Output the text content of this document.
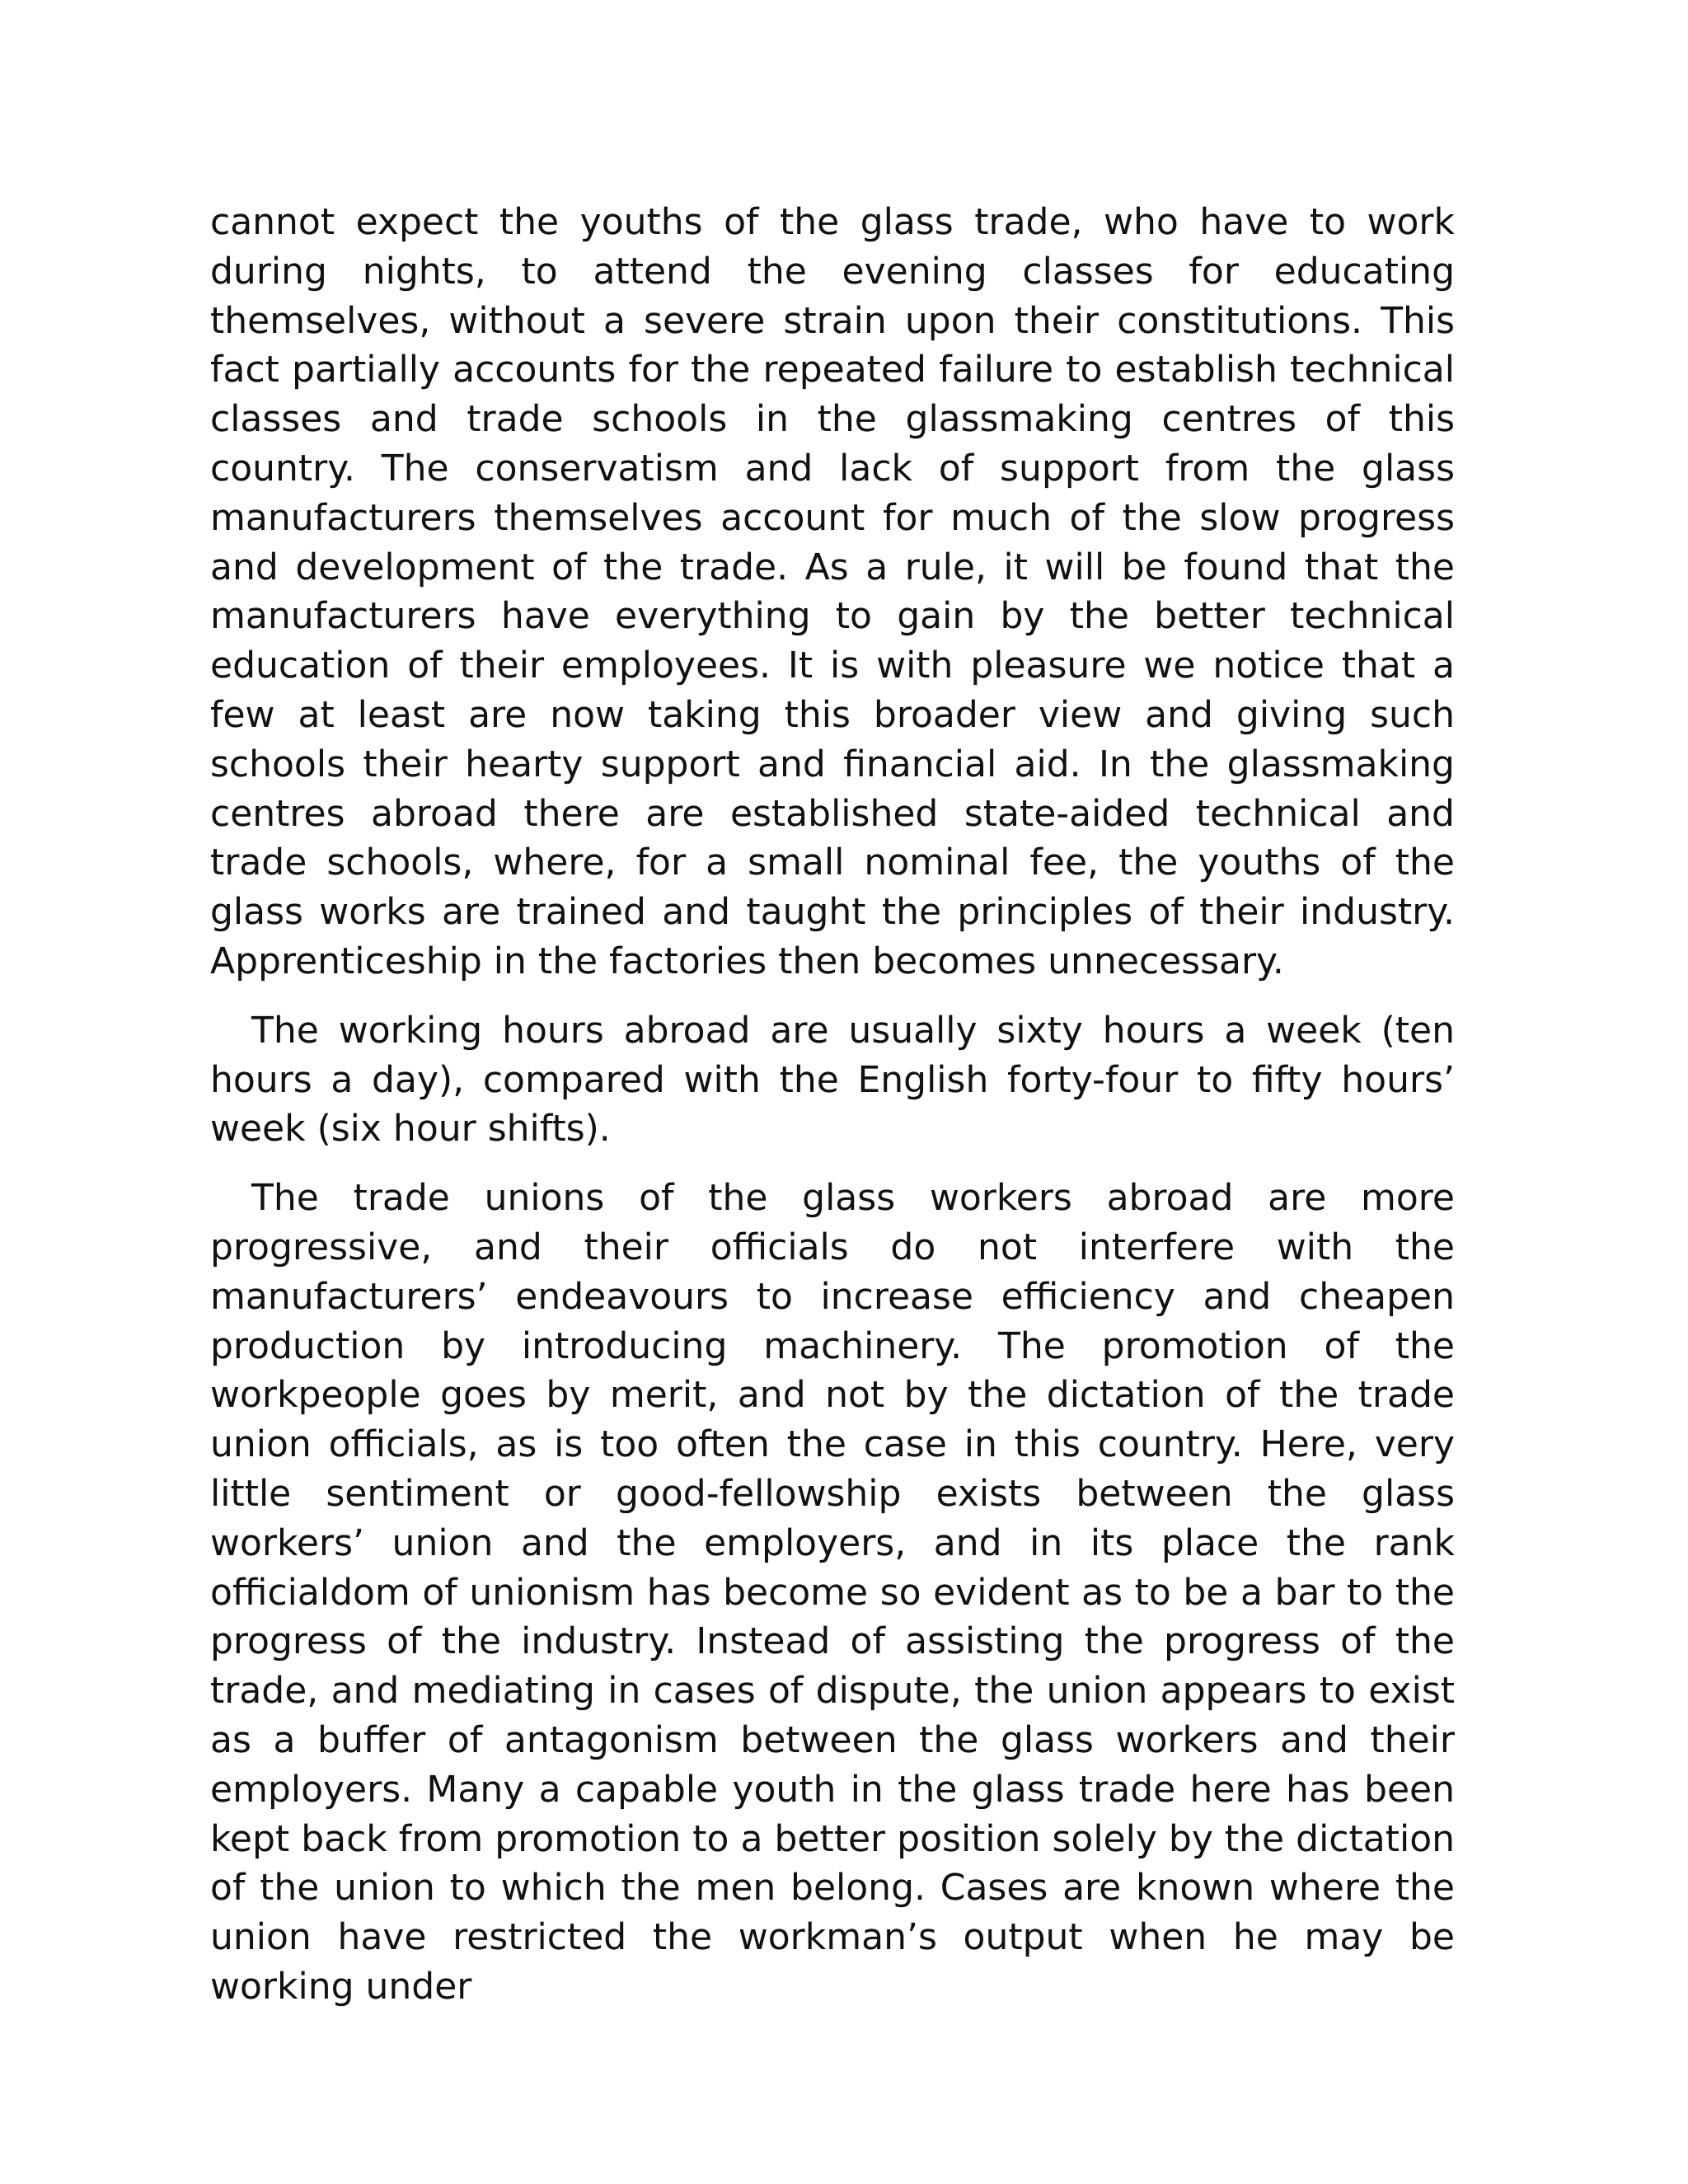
cannot expect the youths of the glass trade, who have to work during nights, to attend the evening classes for educating themselves, without a severe strain upon their constitutions. This fact partially accounts for the repeated failure to establish technical classes and trade schools in the glassmaking centres of this country. The conservatism and lack of support from the glass manufacturers themselves account for much of the slow progress and development of the trade. As a rule, it will be found that the manufacturers have everything to gain by the better technical education of their employees. It is with pleasure we notice that a few at least are now taking this broader view and giving such schools their hearty support and financial aid. In the glassmaking centres abroad there are established state-aided technical and trade schools, where, for a small nominal fee, the youths of the glass works are trained and taught the principles of their industry. Apprenticeship in the factories then becomes unnecessary.

The working hours abroad are usually sixty hours a week (ten hours a day), compared with the English forty-four to fifty hours’ week (six hour shifts).

The trade unions of the glass workers abroad are more progressive, and their officials do not interfere with the manufacturers’ endeavours to increase efficiency and cheapen production by introducing machinery. The promotion of the workpeople goes by merit, and not by the dictation of the trade union officials, as is too often the case in this country. Here, very little sentiment or good-fellowship exists between the glass workers’ union and the employers, and in its place the rank officialdom of unionism has become so evident as to be a bar to the progress of the industry. Instead of assisting the progress of the trade, and mediating in cases of dispute, the union appears to exist as a buffer of antagonism between the glass workers and their employers. Many a capable youth in the glass trade here has been kept back from promotion to a better position solely by the dictation of the union to which the men belong. Cases are known where the union have restricted the workman’s output when he may be working under
